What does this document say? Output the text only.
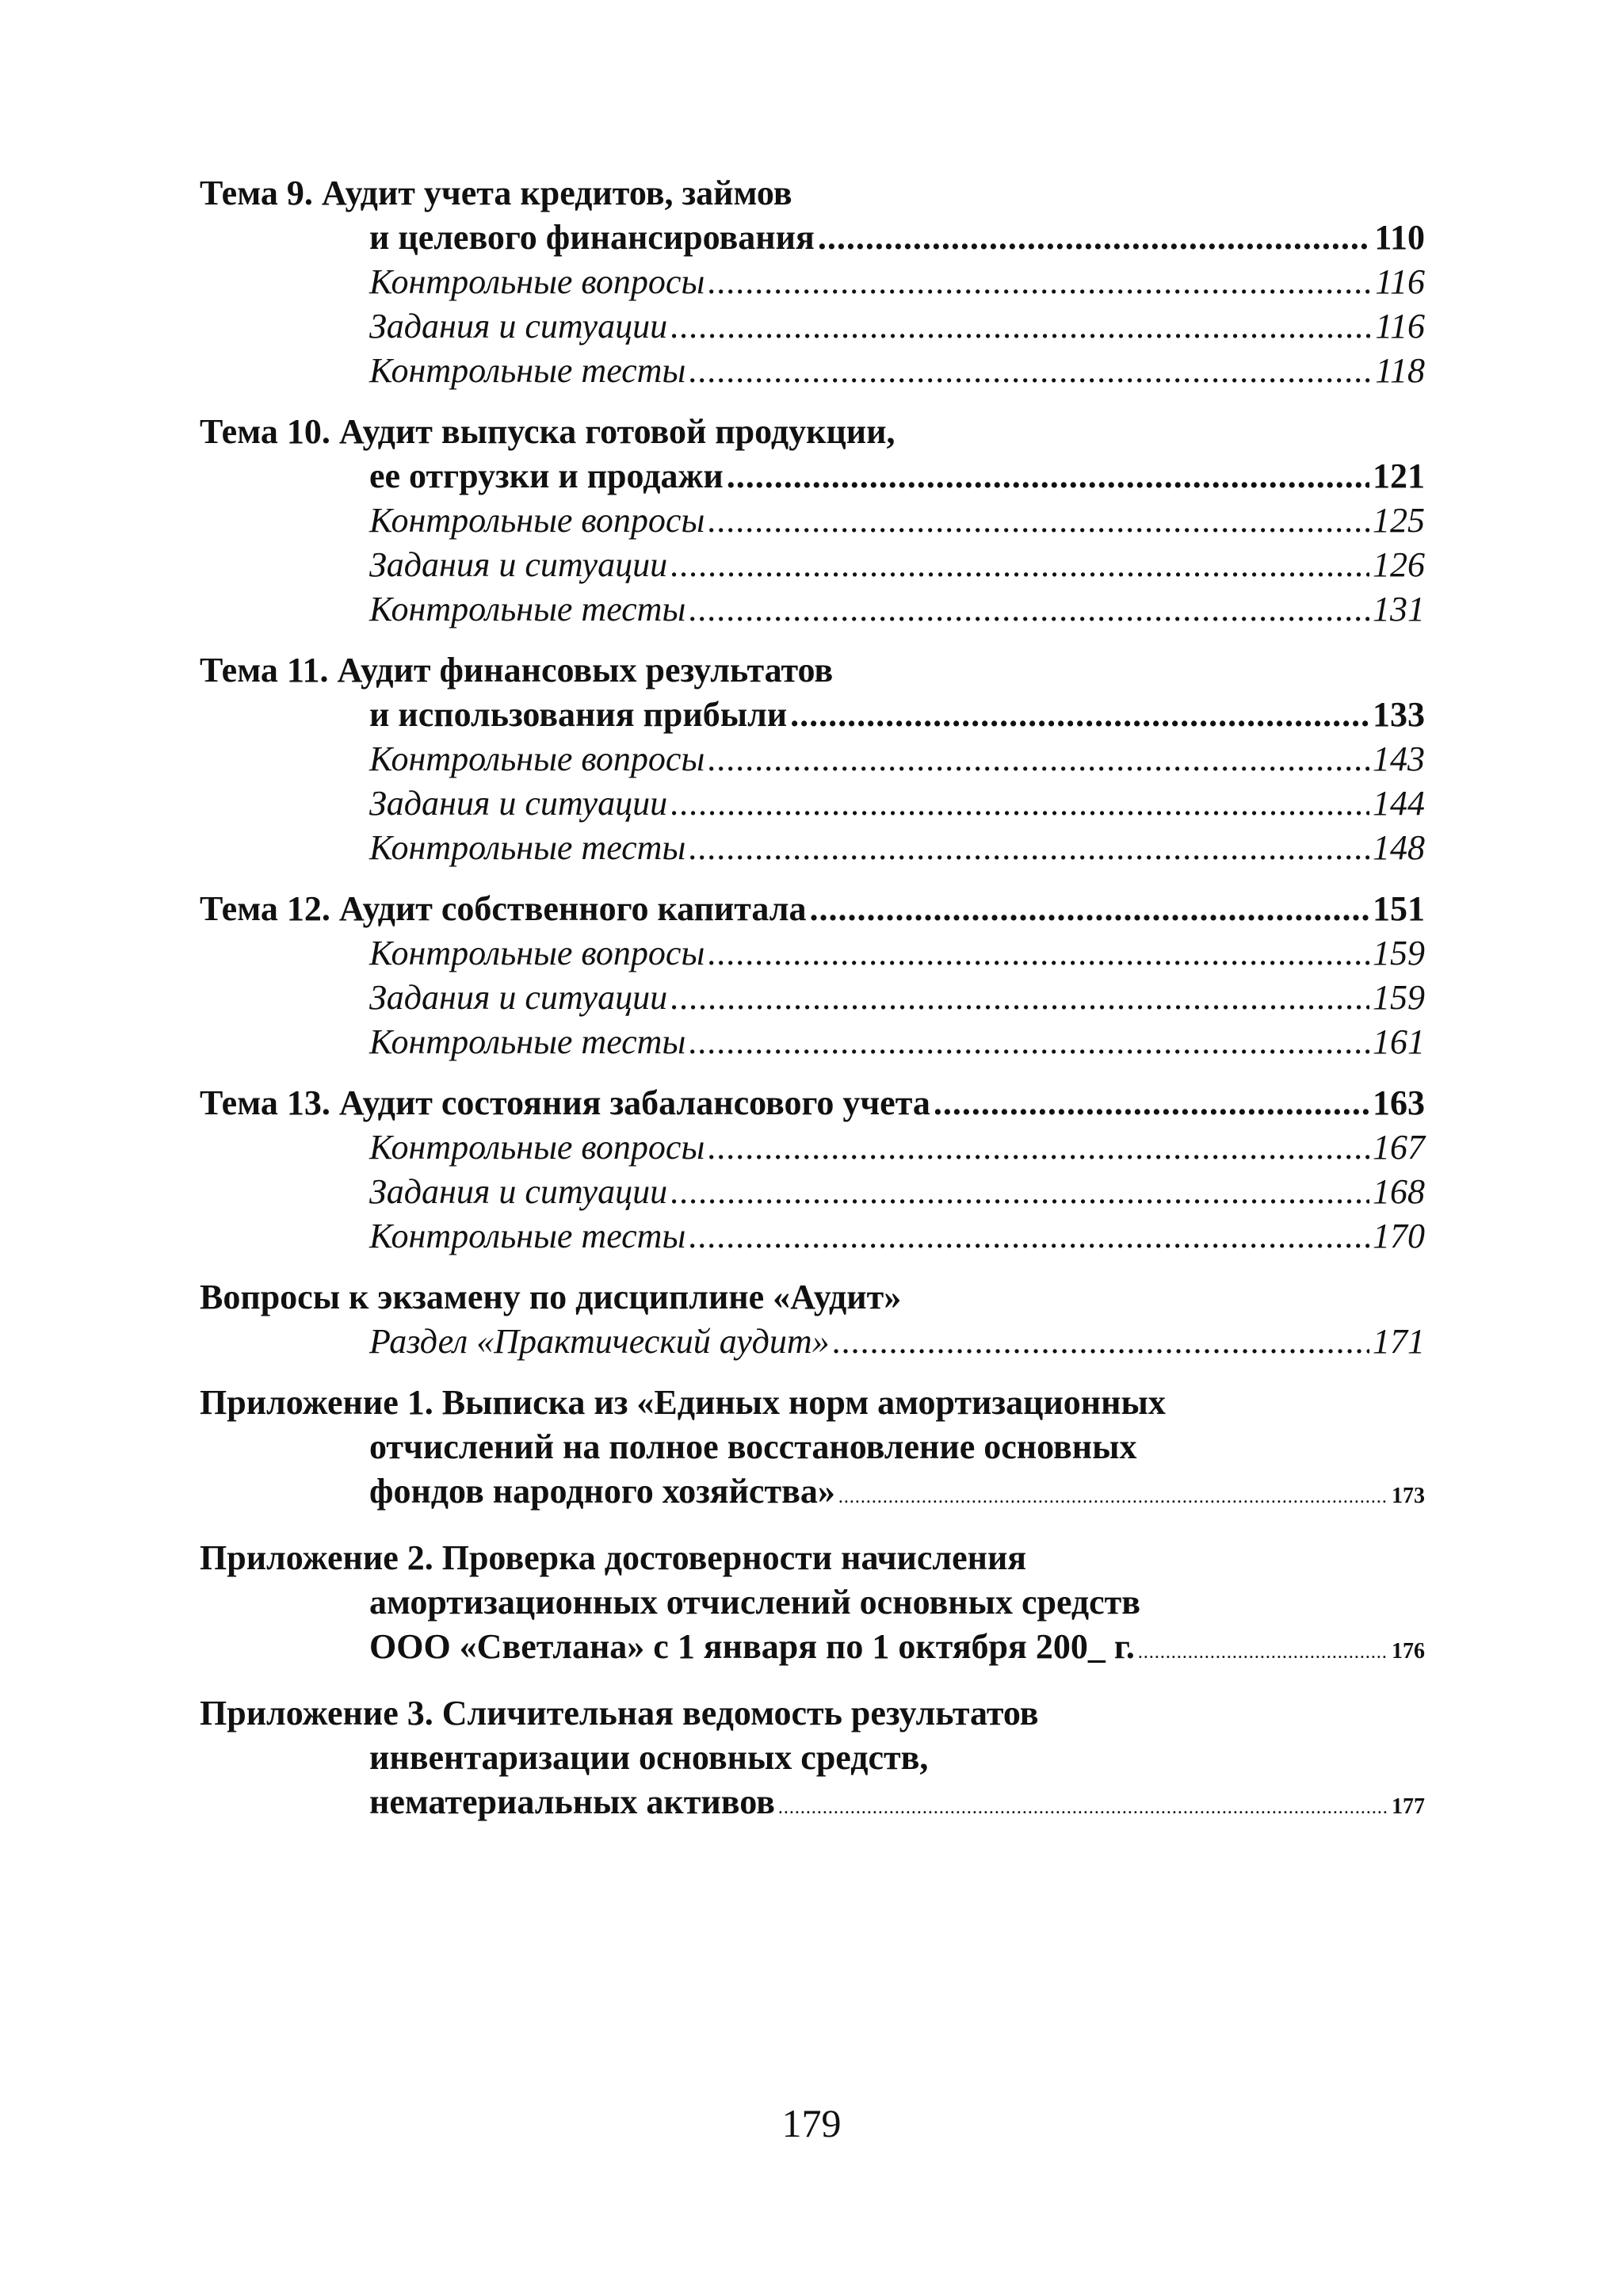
Тема 9. Аудит учета кредитов, займов
и целевого финансирования .....	110
Контрольные вопросы .....	116
Задания и ситуации .....	116
Контрольные тесты .....	118
Тема 10. Аудит выпуска готовой продукции,
ее отгрузки и продажи .....	121
Контрольные вопросы .....	125
Задания и ситуации .....	126
Контрольные тесты .....	131
Тема 11. Аудит финансовых результатов
и использования прибыли .....	133
Контрольные вопросы .....	143
Задания и ситуации .....	144
Контрольные тесты .....	148
Тема 12. Аудит собственного капитала .....	151
Контрольные вопросы .....	159
Задания и ситуации .....	159
Контрольные тесты .....	161
Тема 13. Аудит состояния забалансового учета .....	163
Контрольные вопросы .....	167
Задания и ситуации .....	168
Контрольные тесты .....	170
Вопросы к экзамену по дисциплине «Аудит»
Раздел «Практический аудит» .....	171
Приложение 1. Выписка из «Единых норм амортизационных
отчислений на полное восстановление основных
фондов народного хозяйства» .....	173
Приложение 2. Проверка достоверности начисления
амортизационных отчислений основных средств
ООО «Светлана» с 1 января по 1 октября 200_ г. .....	176
Приложение 3. Сличительная ведомость результатов
инвентаризации основных средств,
нематериальных активов .....	177
179
